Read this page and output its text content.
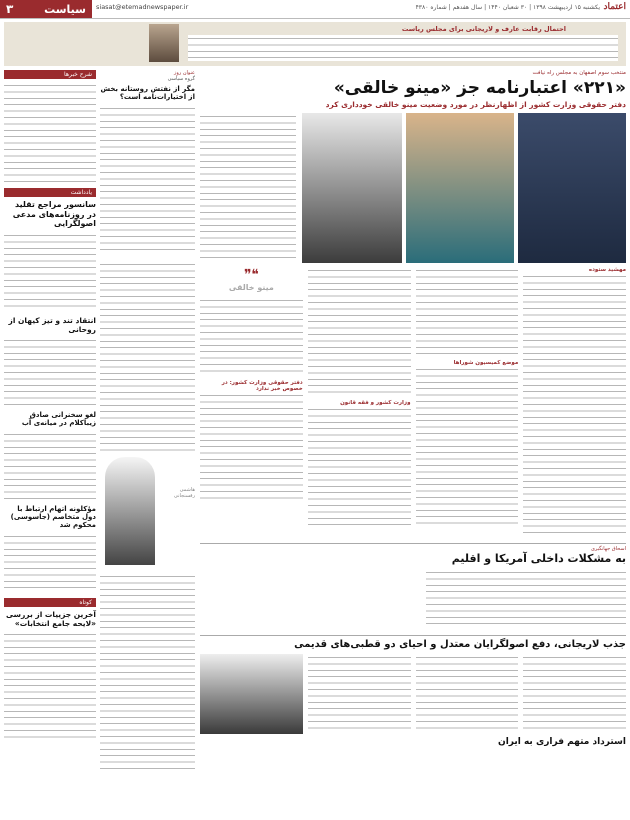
سیاست
۳	siasat@etemadnewspaper.ir	یکشنبه ۱۵ اردیبهشت ۱۳۹۸ | ۳۰ شعبان ۱۴۴۰ | سال هفدهم | شماره ۴۳۸۰ اعتماد
احتمال رقابت عارف و لاریجانی برای مجلس ریاست
شرح خبرها
یادداشت
سانسور مراجع تقلید در روزنامه‌های مدعی اصولگرایی
انتقاد تند و تیز کیهان از روحانی
لغو سخنرانی صادق زیباکلام در میانه‌ی آب
مؤکلونه اتهام ارتباط با دول متخاصم (جاسوسی) محکوم شد
کوتاه
آخرین جزییات از بررسی «لایحه جامع انتخابات»
عنوان روز
گروه سیاسی
مگر از نفتش روستانه بخش از اختیارات‌نامه است؟
هاشمی رفسنجانی
منتخب سوم اصفهان به مجلس راه نیافت
«۲۲۱» اعتبارنامه جز «مینو خالقی»
دفتر حقوقی وزارت کشور از اظهارنظر در مورد وضعیت مینو خالقی خودداری کرد
مهشید ستوده
موضع کمیسیون شوراها
وزارت کشور و فقه قانون
❝❞
مینو خالقی
دفتر حقوقی وزارت کشور: در خصوص خبر ندارد
اسحاق جهانگیری
به مشکلات داخلی آمریکا و اقلیم
جذب لاریجانی، دفع اصولگرایان معتدل و احیای دو قطبی‌های قدیمی
استرداد متهم فراری به ایران
